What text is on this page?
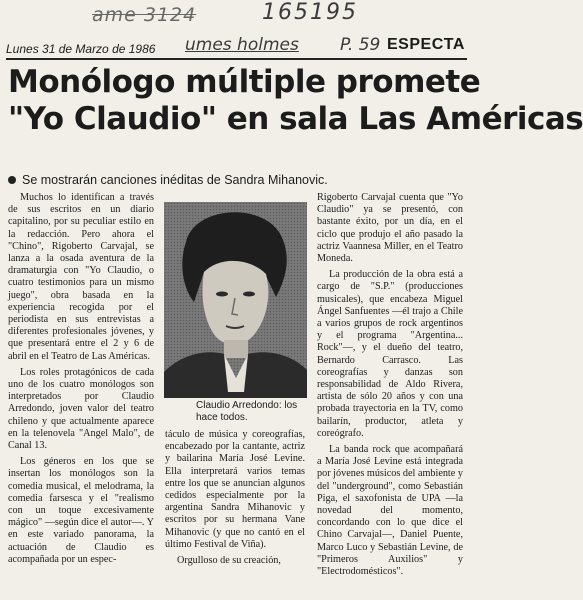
ame 3124	165195
umes holmes P. 59
Lunes 31 de Marzo de 1986	ESPECTA
Monólogo múltiple promete
"Yo Claudio" en sala Las Américas
Se mostrarán canciones inéditas de Sandra Mihanovic.

Muchos lo identifican a través de sus escritos en un diario capitalino, por su peculiar estilo en la redacción. Pero ahora el "Chino", Rigoberto Carvajal, se lanza a la osada aventura de la dramaturgia con "Yo Claudio, o cuatro testimonios para un mismo juego", obra basada en la experiencia recogida por el periodista en sus entrevistas a diferentes profesionales jóvenes, y que presentará entre el 2 y 6 de abril en el Teatro de Las Américas.

Los roles protagónicos de cada uno de los cuatro monólogos son interpretados por Claudio Arredondo, joven valor del teatro chileno y que actualmente aparece en la telenovela "Angel Malo", de Canal 13.

Los géneros en los que se insertan los monólogos son la comedia musical, el melodrama, la comedia farsesca y el "realismo con un toque excesivamente mágico" —según dice el autor—. Y en este variado panorama, la actuación de Claudio es acompañada por un espec-

Claudio Arredondo: los hace todos.

táculo de música y coreografías, encabezado por la cantante, actriz y bailarina María José Levine. Ella interpretará varios temas entre los que se anuncian algunos cedidos especialmente por la argentina Sandra Mihanovic y escritos por su hermana Vane Mihanovic (y que no cantó en el último Festival de Viña).

Orgulloso de su creación,

Rigoberto Carvajal cuenta que "Yo Claudio" ya se presentó, con bastante éxito, por un día, en el ciclo que produjo el año pasado la actriz Vaannesa Miller, en el Teatro Moneda.

La producción de la obra está a cargo de "S.P." (producciones musicales), que encabeza Miguel Ángel Sanfuentes —él trajo a Chile a varios grupos de rock argentinos y el programa "Argentina... Rock"—, y el dueño del teatro, Bernardo Carrasco. Las coreografías y danzas son responsabilidad de Aldo Rivera, artista de sólo 20 años y con una probada trayectoria en la TV, como bailarín, productor, atleta y coreógrafo.

La banda rock que acompañará a María José Levine está integrada por jóvenes músicos del ambiente y del "underground", como Sebastián Piga, el saxofonista de UPA —la novedad del momento, concordando con lo que dice el Chino Carvajal—, Daniel Puente, Marco Luco y Sebastián Levine, de "Primeros Auxilios" y "Electrodomésticos".
